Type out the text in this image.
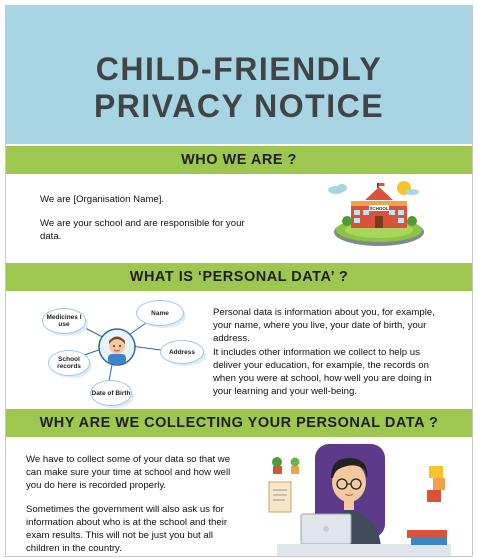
CHILD-FRIENDLY
PRIVACY NOTICE
WHO WE ARE ?
We are [Organisation Name].
We are your school and are responsible for your data.
SCHOOL
WHAT IS ‘PERSONAL DATA’ ?
Medicines I use
Name
School records
Address
Date of Birth
Personal data is information about you, for example, your name, where you live, your date of birth, your address.
It includes other information we collect to help us deliver your education, for example, the records on when you were at school, how well you are doing in your learning and your well-being.
WHY ARE WE COLLECTING YOUR PERSONAL DATA ?
We have to collect some of your data so that we can make sure your time at school and how well you do here is recorded properly.
Sometimes the government will also ask us for information about who is at the school and their exam results. This will not be just you but all children in the country.
